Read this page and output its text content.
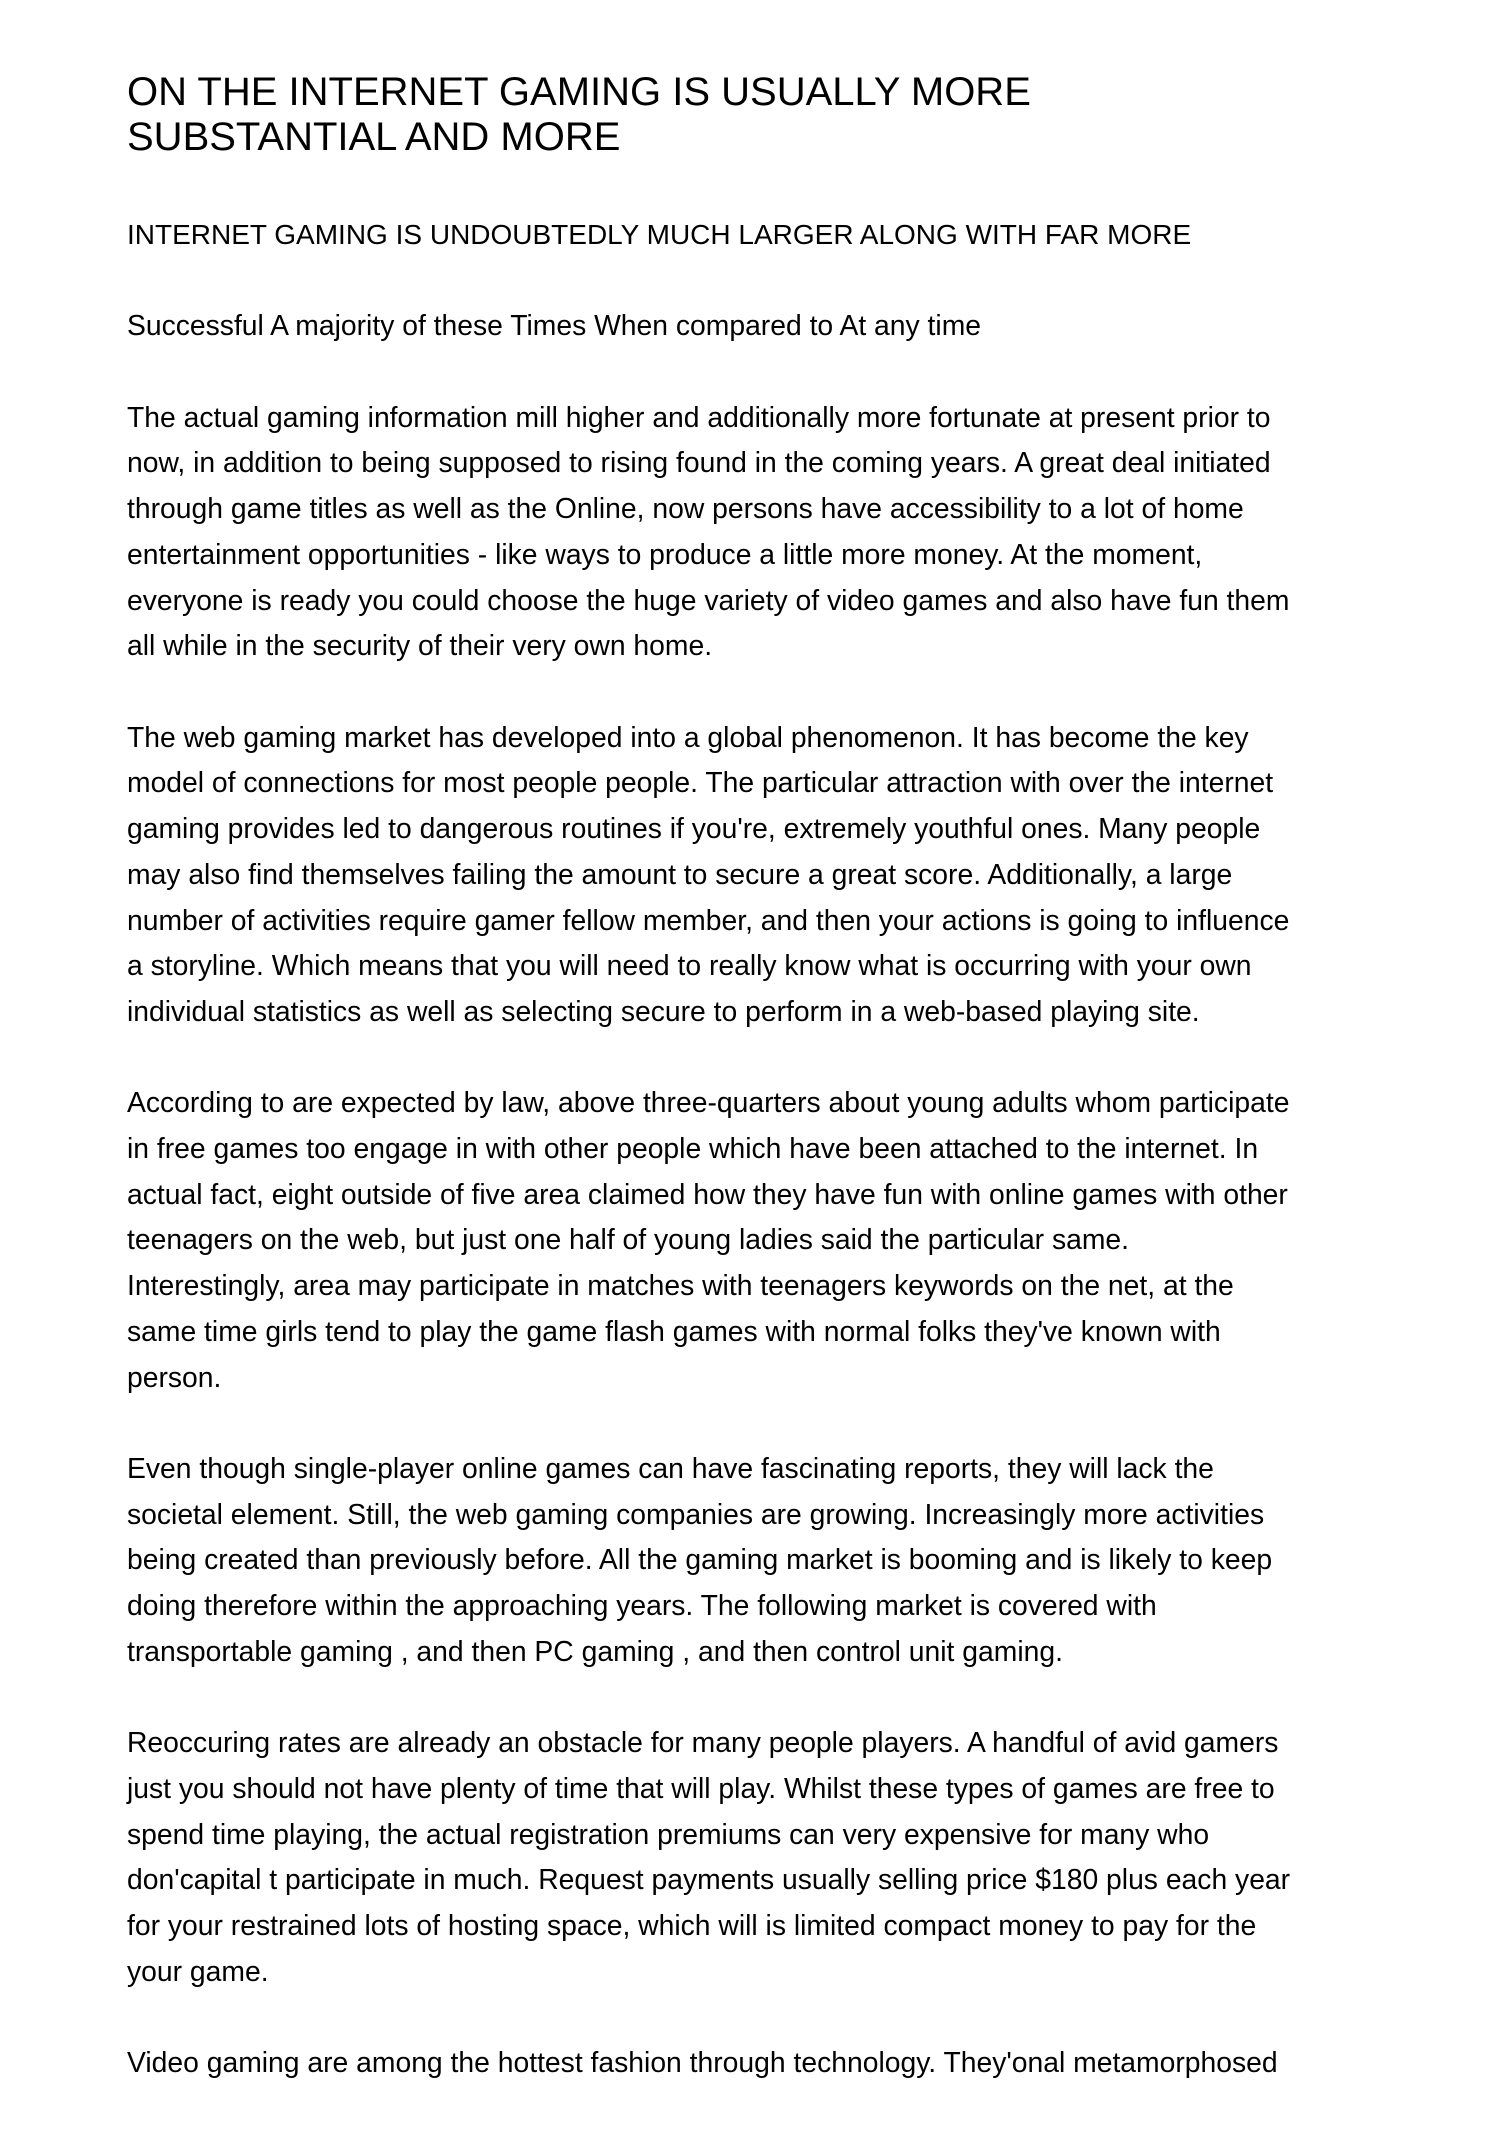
ON THE INTERNET GAMING IS USUALLY MORE
SUBSTANTIAL AND MORE
INTERNET GAMING IS UNDOUBTEDLY MUCH LARGER ALONG WITH FAR MORE
Successful A majority of these Times When compared to At any time
The actual gaming information mill higher and additionally more fortunate at present prior to
now, in addition to being supposed to rising found in the coming years. A great deal initiated
through game titles as well as the Online, now persons have accessibility to a lot of home
entertainment opportunities - like ways to produce a little more money. At the moment,
everyone is ready you could choose the huge variety of video games and also have fun them
all while in the security of their very own home.
The web gaming market has developed into a global phenomenon. It has become the key
model of connections for most people people. The particular attraction with over the internet
gaming provides led to dangerous routines if you're, extremely youthful ones. Many people
may also find themselves failing the amount to secure a great score. Additionally, a large
number of activities require gamer fellow member, and then your actions is going to influence
a storyline. Which means that you will need to really know what is occurring with your own
individual statistics as well as selecting secure to perform in a web-based playing site.
According to are expected by law, above three-quarters about young adults whom participate
in free games too engage in with other people which have been attached to the internet. In
actual fact, eight outside of five area claimed how they have fun with online games with other
teenagers on the web, but just one half of young ladies said the particular same.
Interestingly, area may participate in matches with teenagers keywords on the net, at the
same time girls tend to play the game flash games with normal folks they've known with
person.
Even though single-player online games can have fascinating reports, they will lack the
societal element. Still, the web gaming companies are growing. Increasingly more activities
being created than previously before. All the gaming market is booming and is likely to keep
doing therefore within the approaching years. The following market is covered with
transportable gaming , and then PC gaming , and then control unit gaming.
Reoccuring rates are already an obstacle for many people players. A handful of avid gamers
just you should not have plenty of time that will play. Whilst these types of games are free to
spend time playing, the actual registration premiums can very expensive for many who
don'capital t participate in much. Request payments usually selling price $180 plus each year
for your restrained lots of hosting space, which will is limited compact money to pay for the
your game.
Video gaming are among the hottest fashion through technology. They'onal metamorphosed
